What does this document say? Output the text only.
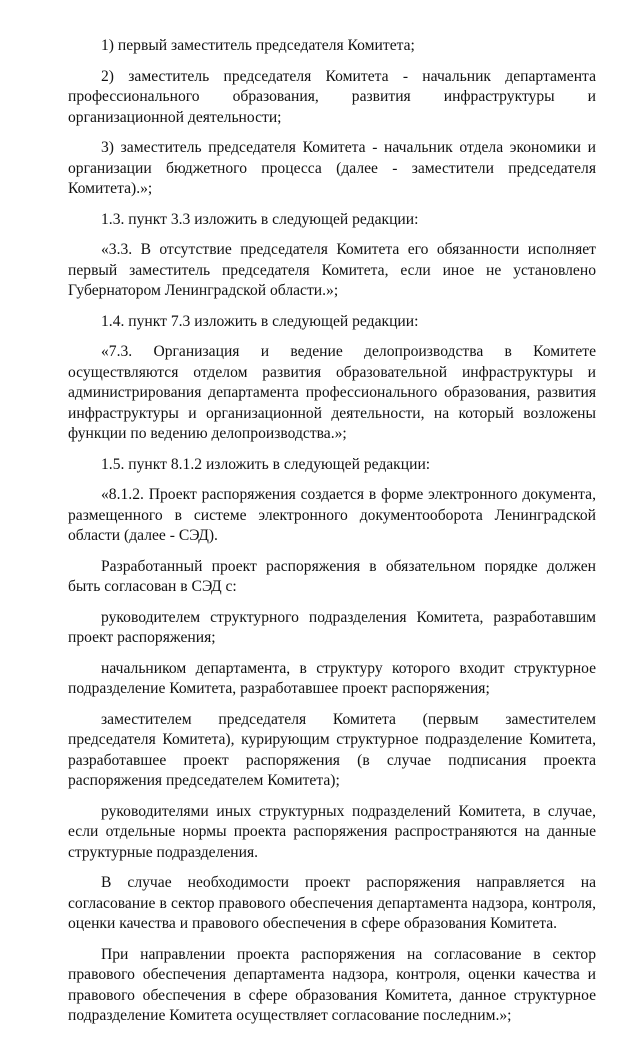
1) первый заместитель председателя Комитета;

2) заместитель председателя Комитета - начальник департамента профессионального образования, развития инфраструктуры и организационной деятельности;

3) заместитель председателя Комитета - начальник отдела экономики и организации бюджетного процесса (далее - заместители председателя Комитета).»;

1.3. пункт 3.3 изложить в следующей редакции:

«3.3. В отсутствие председателя Комитета его обязанности исполняет первый заместитель председателя Комитета, если иное не установлено Губернатором Ленинградской области.»;

1.4. пункт 7.3 изложить в следующей редакции:

«7.3. Организация и ведение делопроизводства в Комитете осуществляются отделом развития образовательной инфраструктуры и администрирования департамента профессионального образования, развития инфраструктуры и организационной деятельности, на который возложены функции по ведению делопроизводства.»;

1.5. пункт 8.1.2 изложить в следующей редакции:

«8.1.2. Проект распоряжения создается в форме электронного документа, размещенного в системе электронного документооборота Ленинградской области (далее - СЭД).

Разработанный проект распоряжения в обязательном порядке должен быть согласован в СЭД с:

руководителем структурного подразделения Комитета, разработавшим проект распоряжения;

начальником департамента, в структуру которого входит структурное подразделение Комитета, разработавшее проект распоряжения;

заместителем председателя Комитета (первым заместителем председателя Комитета), курирующим структурное подразделение Комитета, разработавшее проект распоряжения (в случае подписания проекта распоряжения председателем Комитета);

руководителями иных структурных подразделений Комитета, в случае, если отдельные нормы проекта распоряжения распространяются на данные структурные подразделения.

В случае необходимости проект распоряжения направляется на согласование в сектор правового обеспечения департамента надзора, контроля, оценки качества и правового обеспечения в сфере образования Комитета.

При направлении проекта распоряжения на согласование в сектор правового обеспечения департамента надзора, контроля, оценки качества и правового обеспечения в сфере образования Комитета, данное структурное подразделение Комитета осуществляет согласование последним.»;
